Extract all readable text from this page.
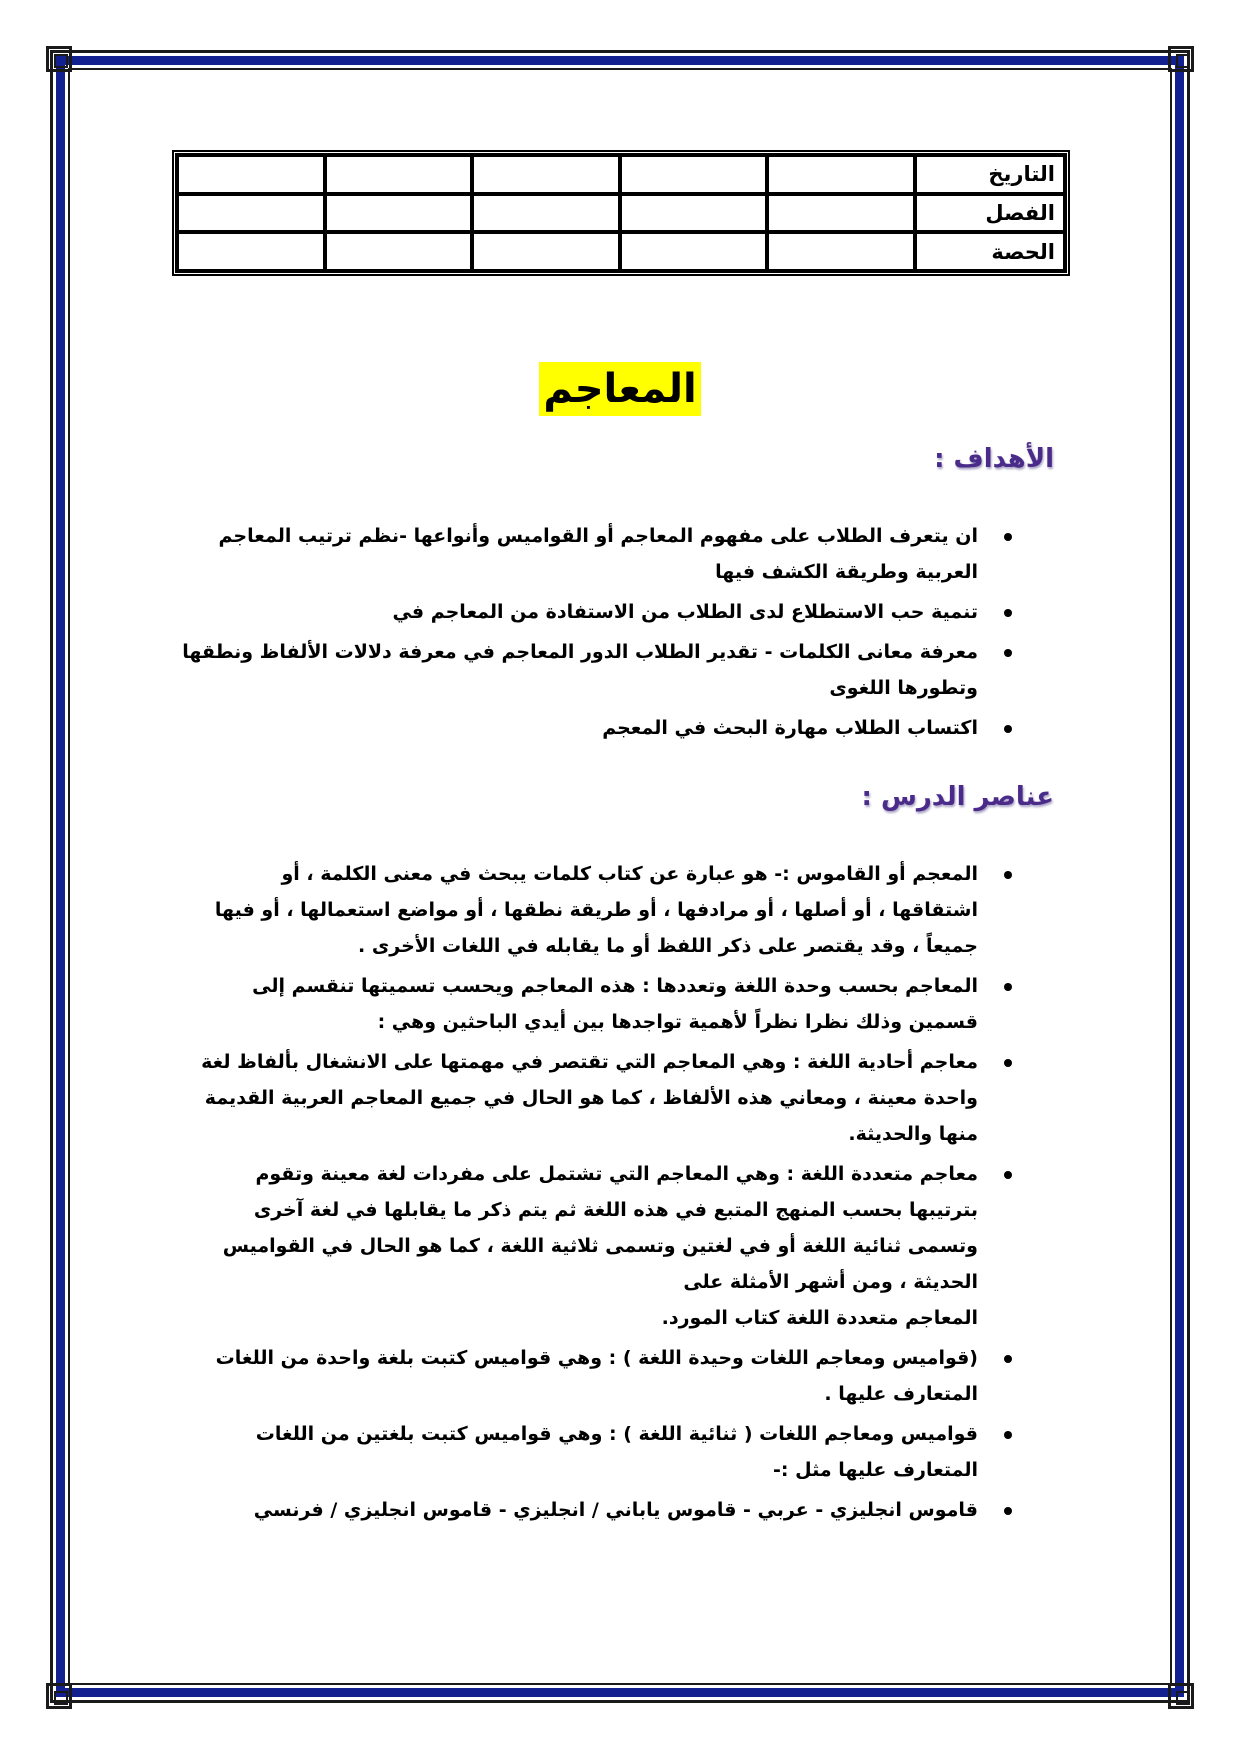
					التاريخ
					الفصل
					الحصة
المعاجم
الأهداف :
ان يتعرف الطلاب على مفهوم المعاجم أو القواميس وأنواعها -نظم ترتيب المعاجم
العربية وطريقة الكشف فيها
تنمية حب الاستطلاع لدى الطلاب من الاستفادة من المعاجم في
معرفة معانى الكلمات - تقدير الطلاب الدور المعاجم في معرفة دلالات الألفاظ ونطقها
وتطورها اللغوى
اكتساب الطلاب مهارة البحث في المعجم
عناصر الدرس :
المعجم أو القاموس :- هو عبارة عن كتاب كلمات يبحث في معنى الكلمة ، أو
اشتقاقها ، أو أصلها ، أو مرادفها ، أو طريقة نطقها ، أو مواضع استعمالها ، أو فيها
جميعاً ، وقد يقتصر على ذكر اللفظ أو ما يقابله في اللغات الأخرى .
المعاجم بحسب وحدة اللغة وتعددها : هذه المعاجم ويحسب تسميتها تنقسم إلى
قسمين وذلك نظرا نظراً لأهمية تواجدها بين أيدي الباحثين وهي :
معاجم أحادية اللغة : وهي المعاجم التي تقتصر في مهمتها على الانشغال بألفاظ لغة
واحدة معينة ، ومعاني هذه الألفاظ ، كما هو الحال في جميع المعاجم العربية القديمة
منها والحديثة.
معاجم متعددة اللغة : وهي المعاجم التي تشتمل على مفردات لغة معينة وتقوم
بترتيبها بحسب المنهج المتبع في هذه اللغة ثم يتم ذكر ما يقابلها في لغة آخرى
وتسمى ثنائية اللغة أو في لغتين وتسمى ثلاثية اللغة ، كما هو الحال في القواميس
الحديثة ، ومن أشهر الأمثلة على
المعاجم متعددة اللغة كتاب المورد.
(قواميس ومعاجم اللغات وحيدة اللغة ) : وهي قواميس كتبت بلغة واحدة من اللغات
المتعارف عليها .
قواميس ومعاجم اللغات ( ثنائية اللغة ) : وهي قواميس كتبت بلغتين من اللغات
المتعارف عليها مثل :-
قاموس انجليزي - عربي - قاموس ياباني / انجليزي - قاموس انجليزي / فرنسي
